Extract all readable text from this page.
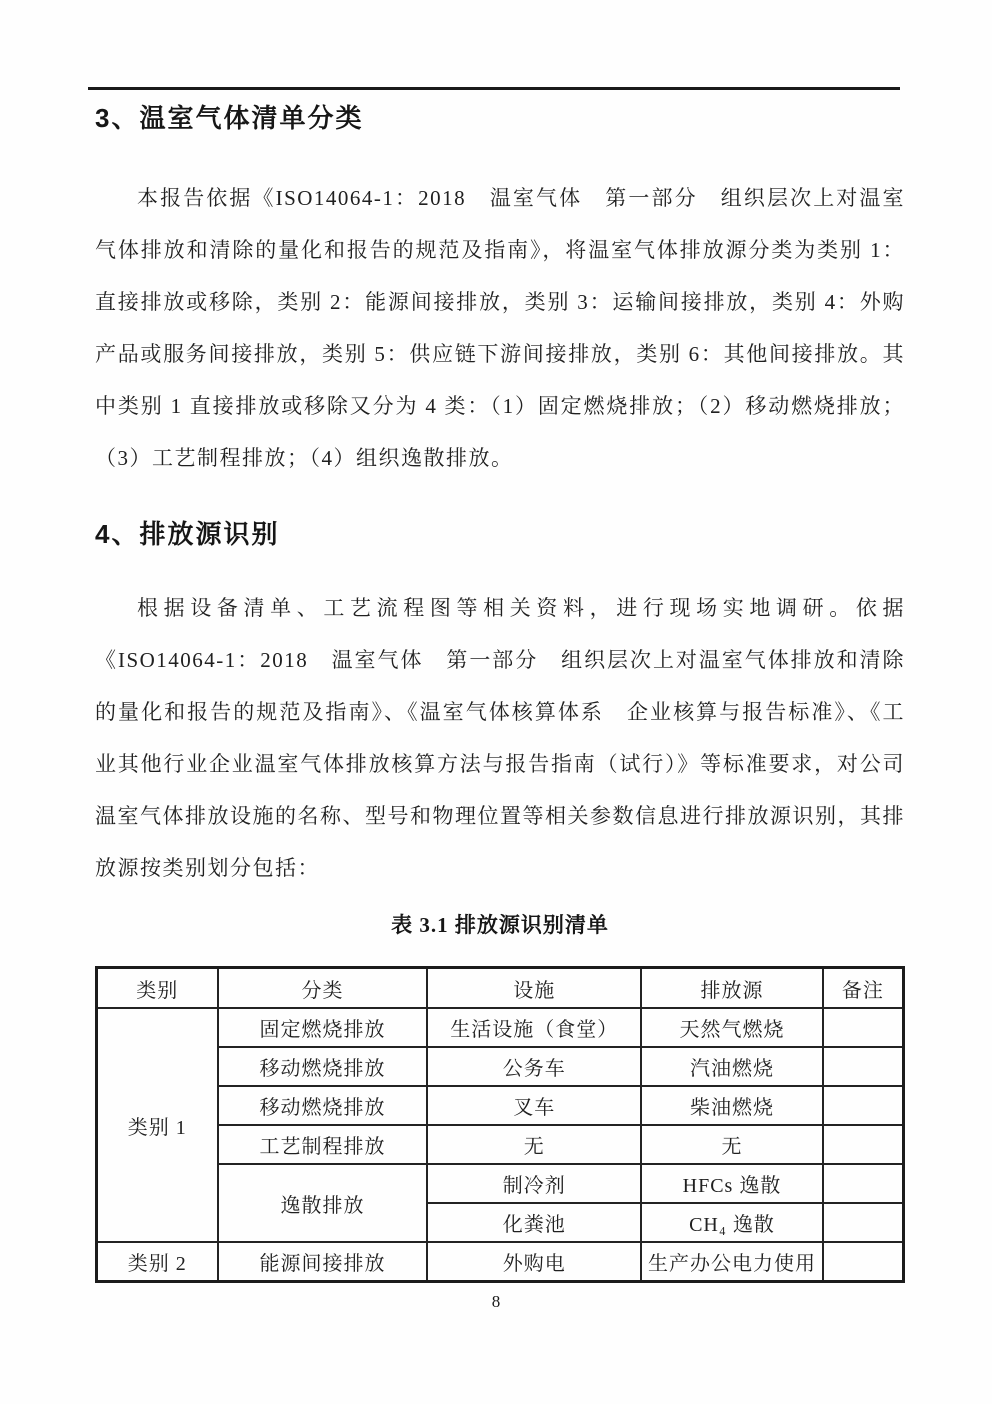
3、温室气体清单分类

本报告依据《ISO14064-1：2018　温室气体　第一部分　组织层次上对温室气体排放和清除的量化和报告的规范及指南》，将温室气体排放源分类为类别 1：直接排放或移除，类别 2：能源间接排放，类别 3：运输间接排放，类别 4：外购产品或服务间接排放，类别 5：供应链下游间接排放，类别 6：其他间接排放。其中类别 1 直接排放或移除又分为 4 类：（1）固定燃烧排放；（2）移动燃烧排放；（3）工艺制程排放；（4）组织逸散排放。

4、排放源识别

根据设备清单、工艺流程图等相关资料，进行现场实地调研。依据《ISO14064-1：2018　温室气体　第一部分　组织层次上对温室气体排放和清除的量化和报告的规范及指南》、《温室气体核算体系　企业核算与报告标准》、《工业其他行业企业温室气体排放核算方法与报告指南（试行）》等标准要求，对公司温室气体排放设施的名称、型号和物理位置等相关参数信息进行排放源识别，其排放源按类别划分包括：

表 3.1 排放源识别清单
类别	分类	设施	排放源	备注
类别 1	固定燃烧排放	生活设施（食堂）	天然气燃烧	
	移动燃烧排放	公务车	汽油燃烧	
	移动燃烧排放	叉车	柴油燃烧	
	工艺制程排放	无	无	
	逸散排放	制冷剂	HFCs 逸散	
		化粪池	CH₄ 逸散	
类别 2	能源间接排放	外购电	生产办公电力使用	
8
